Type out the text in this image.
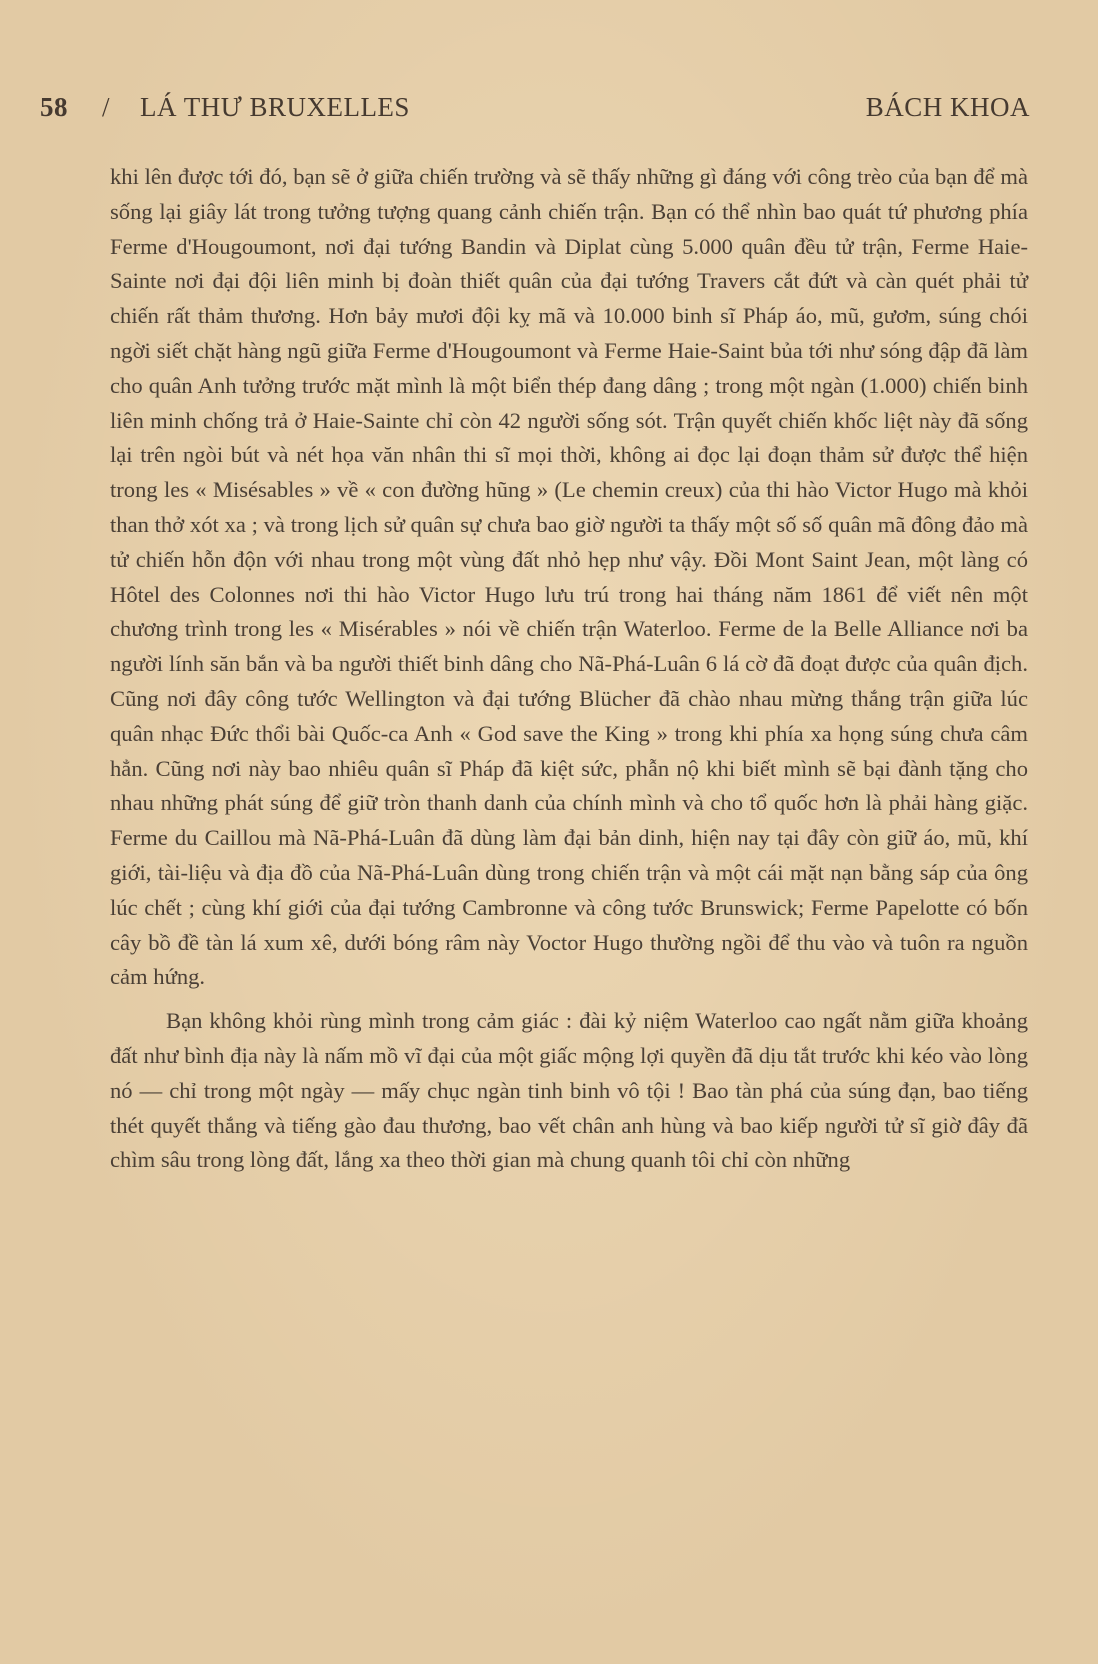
58 / LÁ THƯ BRUXELLES	BÁCH KHOA

khi lên được tới đó, bạn sẽ ở giữa chiến trường và sẽ thấy những gì đáng với công trèo của bạn để mà sống lại giây lát trong tưởng tượng quang cảnh chiến trận. Bạn có thể nhìn bao quát tứ phương phía Ferme d'Hougoumont, nơi đại tướng Bandin và Diplat cùng 5.000 quân đều tử trận, Ferme Haie-Sainte nơi đại đội liên minh bị đoàn thiết quân của đại tướng Travers cắt đứt và càn quét phải tử chiến rất thảm thương. Hơn bảy mươi đội kỵ mã và 10.000 binh sĩ Pháp áo, mũ, gươm, súng chói ngời siết chặt hàng ngũ giữa Ferme d'Hougoumont và Ferme Haie-Saint bủa tới như sóng đập đã làm cho quân Anh tưởng trước mặt mình là một biển thép đang dâng ; trong một ngàn (1.000) chiến binh liên minh chống trả ở Haie-Sainte chỉ còn 42 người sống sót. Trận quyết chiến khốc liệt này đã sống lại trên ngòi bút và nét họa văn nhân thi sĩ mọi thời, không ai đọc lại đoạn thảm sử được thể hiện trong les « Misésables » về « con đường hũng » (Le chemin creux) của thi hào Victor Hugo mà khỏi than thở xót xa ; và trong lịch sử quân sự chưa bao giờ người ta thấy một số số quân mã đông đảo mà tử chiến hỗn độn với nhau trong một vùng đất nhỏ hẹp như vậy. Đồi Mont Saint Jean, một làng có Hôtel des Colonnes nơi thi hào Victor Hugo lưu trú trong hai tháng năm 1861 để viết nên một chương trình trong les « Misérables » nói về chiến trận Waterloo. Ferme de la Belle Alliance nơi ba người lính săn bắn và ba người thiết binh dâng cho Nã-Phá-Luân 6 lá cờ đã đoạt được của quân địch. Cũng nơi đây công tước Wellington và đại tướng Blücher đã chào nhau mừng thắng trận giữa lúc quân nhạc Đức thổi bài Quốc-ca Anh « God save the King » trong khi phía xa họng súng chưa câm hẳn. Cũng nơi này bao nhiêu quân sĩ Pháp đã kiệt sức, phẫn nộ khi biết mình sẽ bại đành tặng cho nhau những phát súng để giữ tròn thanh danh của chính mình và cho tổ quốc hơn là phải hàng giặc. Ferme du Caillou mà Nã-Phá-Luân đã dùng làm đại bản dinh, hiện nay tại đây còn giữ áo, mũ, khí giới, tài-liệu và địa đồ của Nã-Phá-Luân dùng trong chiến trận và một cái mặt nạn bằng sáp của ông lúc chết ; cùng khí giới của đại tướng Cambronne và công tước Brunswick; Ferme Papelotte có bốn cây bồ đề tàn lá xum xê, dưới bóng râm này Voctor Hugo thường ngồi để thu vào và tuôn ra nguồn cảm hứng.

Bạn không khỏi rùng mình trong cảm giác : đài kỷ niệm Waterloo cao ngất nằm giữa khoảng đất như bình địa này là nấm mồ vĩ đại của một giấc mộng lợi quyền đã dịu tắt trước khi kéo vào lòng nó — chỉ trong một ngày — mấy chục ngàn tinh binh vô tội ! Bao tàn phá của súng đạn, bao tiếng thét quyết thắng và tiếng gào đau thương, bao vết chân anh hùng và bao kiếp người tử sĩ giờ đây đã chìm sâu trong lòng đất, lắng xa theo thời gian mà chung quanh tôi chỉ còn những
